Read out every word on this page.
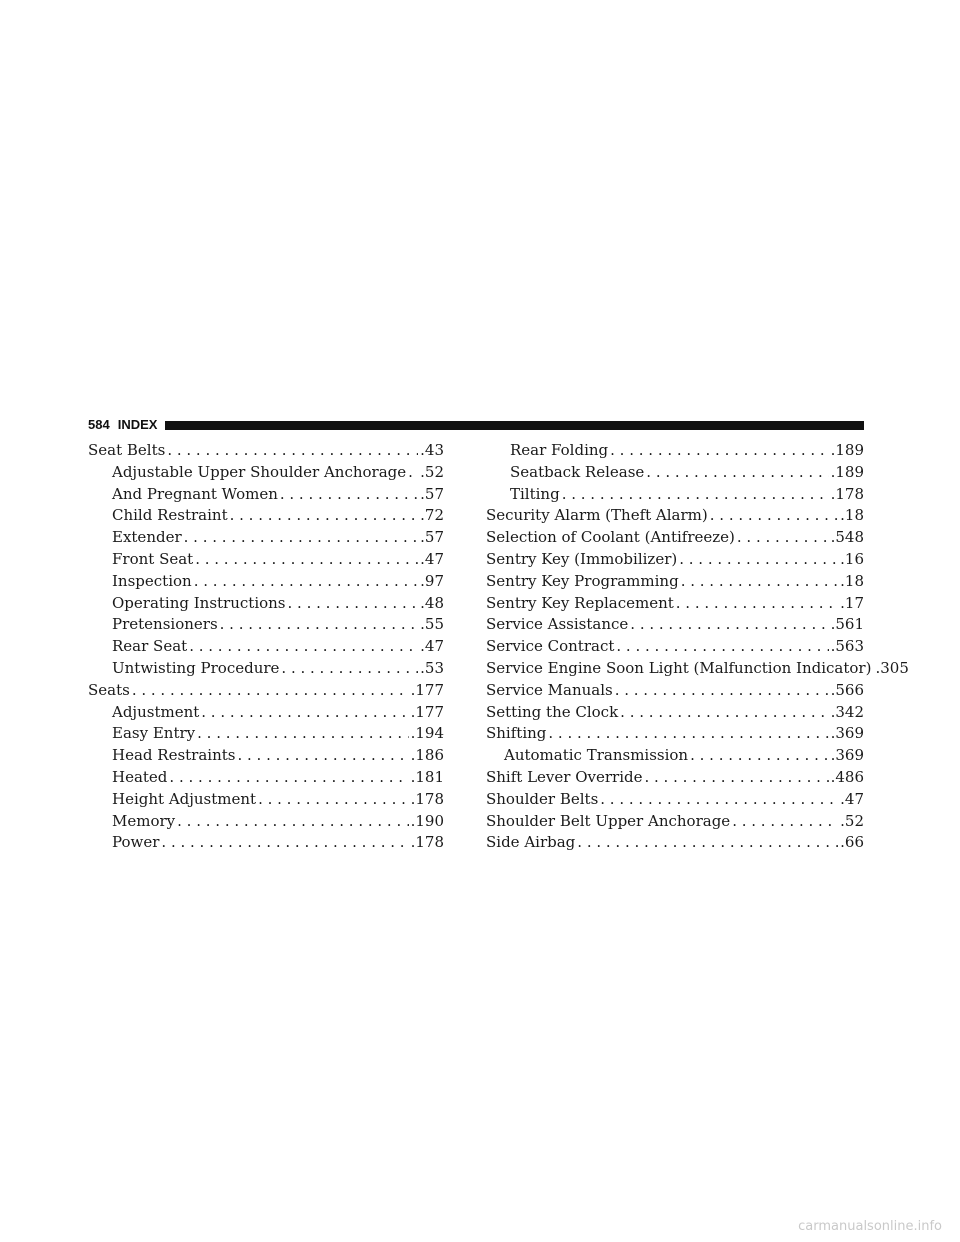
584 INDEX
Seat Belts . . .	.43
Adjustable Upper Shoulder Anchorage . . . .52
And Pregnant Women . . .	.57
Child Restraint . . .	.72
Extender . . .	.57
Front Seat . . .	.47
Inspection . . .	.97
Operating Instructions . . .	.48
Pretensioners . . .	.55
Rear Seat . . .	.47
Untwisting Procedure . . .	.53
Seats . . .	.177
Adjustment . . .	.177
Easy Entry . . .	.194
Head Restraints . . .	.186
Heated . . .	.181
Height Adjustment . . .	.178
Memory . . .	.190
Power . . .	.178
Rear Folding . . .	.189
Seatback Release . . .	.189
Tilting . . .	.178
Security Alarm (Theft Alarm) . . .	.18
Selection of Coolant (Antifreeze) . . .	.548
Sentry Key (Immobilizer) . . .	.16
Sentry Key Programming . . .	.18
Sentry Key Replacement . . .	.17
Service Assistance . . .	.561
Service Contract . . .	.563
Service Engine Soon Light (Malfunction Indicator) .305
Service Manuals . . .	.566
Setting the Clock . . .	.342
Shifting . . .	.369
Automatic Transmission . . .	.369
Shift Lever Override . . .	.486
Shoulder Belts . . .	.47
Shoulder Belt Upper Anchorage . . .	.52
Side Airbag . . .	.66
carmanualsonline.info
